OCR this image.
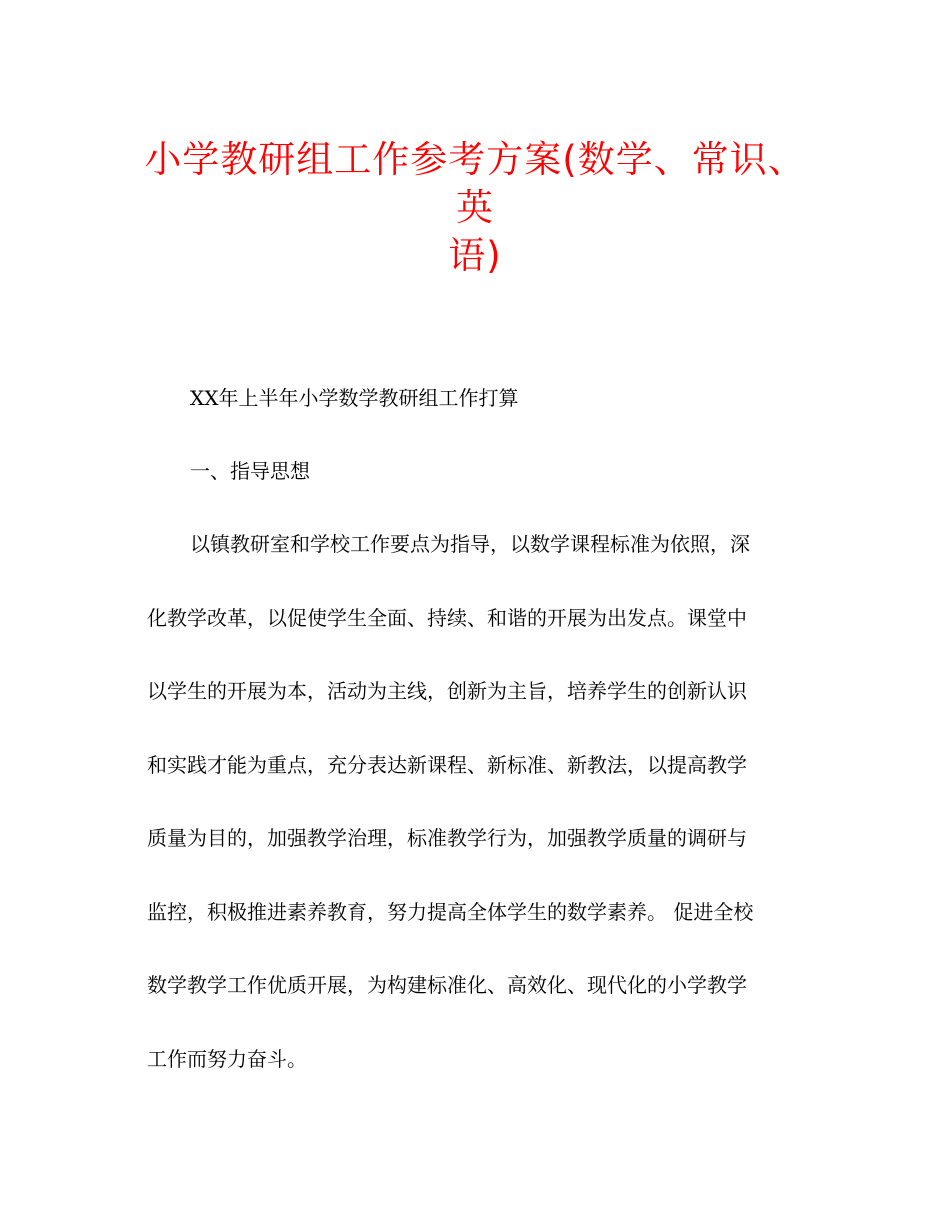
小学教研组工作参考方案(数学、常识、英
语)

XX年上半年小学数学教研组工作打算

一、指导思想

以镇教研室和学校工作要点为指导，以数学课程标准为依照，深

化教学改革，以促使学生全面、持续、和谐的开展为出发点。课堂中

以学生的开展为本，活动为主线，创新为主旨，培养学生的创新认识

和实践才能为重点，充分表达新课程、新标准、新教法，以提高教学

质量为目的，加强教学治理，标准教学行为，加强教学质量的调研与

监控，积极推进素养教育，努力提高全体学生的数学素养。 促进全校

数学教学工作优质开展，为构建标准化、高效化、现代化的小学教学

工作而努力奋斗。
